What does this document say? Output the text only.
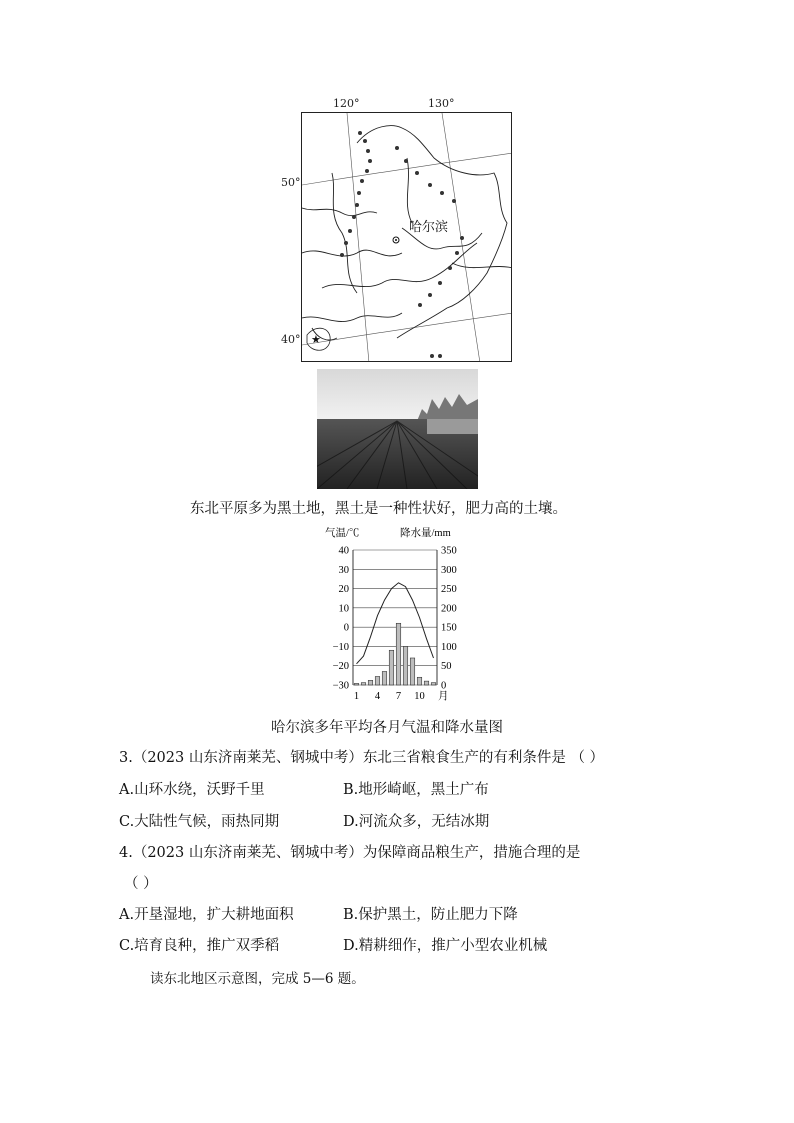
120°	130°
50°
40°
哈尔滨
★
东北平原多为黑土地，黑土是一种性状好，肥力高的土壤。
气温/℃	降水量/mm
40
30
20
10
0
−10
−20
−30
350
300
250
200
150
100
50
0
1 4 7 10 月
哈尔滨多年平均各月气温和降水量图
3.（2023 山东济南莱芜、钢城中考）东北三省粮食生产的有利条件是 （ ）
A.山环水绕，沃野千里	B.地形崎岖，黑土广布
C.大陆性气候，雨热同期	D.河流众多，无结冰期
4.（2023 山东济南莱芜、钢城中考）为保障商品粮生产，措施合理的是
（ ）
A.开垦湿地，扩大耕地面积	B.保护黑土，防止肥力下降
C.培育良种，推广双季稻	D.精耕细作，推广小型农业机械
读东北地区示意图，完成 5—6 题。
